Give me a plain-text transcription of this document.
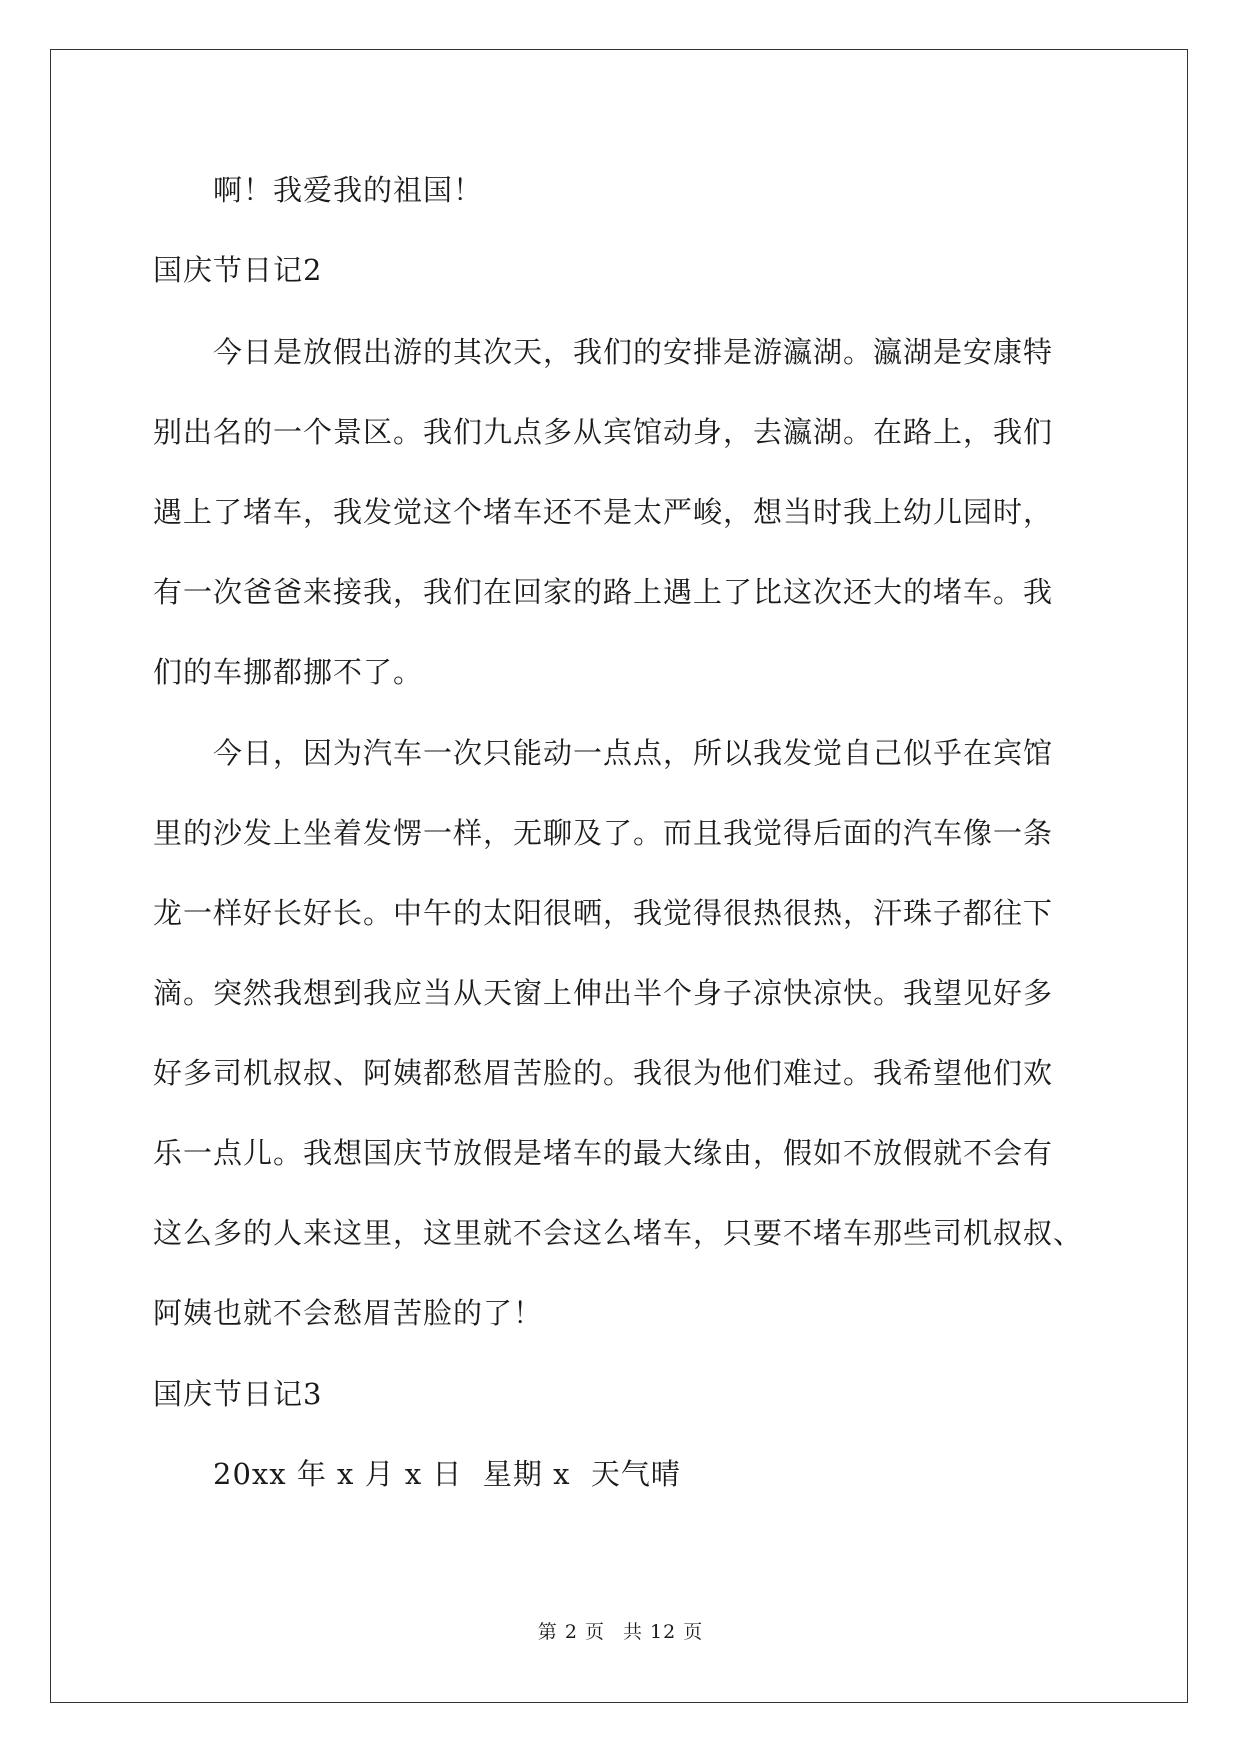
啊！我爱我的祖国！
国庆节日记2
今日是放假出游的其次天，我们的安排是游瀛湖。瀛湖是安康特
别出名的一个景区。我们九点多从宾馆动身，去瀛湖。在路上，我们
遇上了堵车，我发觉这个堵车还不是太严峻，想当时我上幼儿园时，
有一次爸爸来接我，我们在回家的路上遇上了比这次还大的堵车。我
们的车挪都挪不了。
今日，因为汽车一次只能动一点点，所以我发觉自己似乎在宾馆
里的沙发上坐着发愣一样，无聊及了。而且我觉得后面的汽车像一条
龙一样好长好长。中午的太阳很晒，我觉得很热很热，汗珠子都往下
滴。突然我想到我应当从天窗上伸出半个身子凉快凉快。我望见好多
好多司机叔叔、阿姨都愁眉苦脸的。我很为他们难过。我希望他们欢
乐一点儿。我想国庆节放假是堵车的最大缘由，假如不放假就不会有
这么多的人来这里，这里就不会这么堵车，只要不堵车那些司机叔叔、
阿姨也就不会愁眉苦脸的了！
国庆节日记3
20xx 年 x 月 x 日  星期 x  天气晴
第 2 页 共 12 页
